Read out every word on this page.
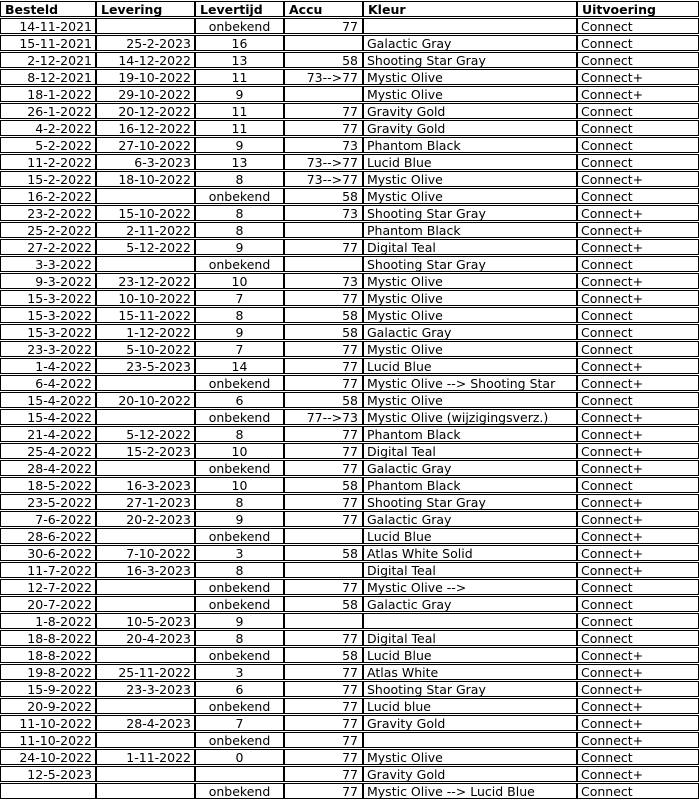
Besteld	Levering	Levertijd	Accu	Kleur	Uitvoering
14-11-2021		onbekend	77		Connect
15-11-2021	25-2-2023	16		Galactic Gray	Connect
2-12-2021	14-12-2022	13	58	Shooting Star Gray	Connect
8-12-2021	19-10-2022	11	73-->77	Mystic Olive	Connect+
18-1-2022	29-10-2022	9		Mystic Olive	Connect+
26-1-2022	20-12-2022	11	77	Gravity Gold	Connect
4-2-2022	16-12-2022	11	77	Gravity Gold	Connect
5-2-2022	27-10-2022	9	73	Phantom Black	Connect
11-2-2022	6-3-2023	13	73-->77	Lucid Blue	Connect
15-2-2022	18-10-2022	8	73-->77	Mystic Olive	Connect+
16-2-2022		onbekend	58	Mystic Olive	Connect
23-2-2022	15-10-2022	8	73	Shooting Star Gray	Connect+
25-2-2022	2-11-2022	8		Phantom Black	Connect+
27-2-2022	5-12-2022	9	77	Digital Teal	Connect+
3-3-2022		onbekend		Shooting Star Gray	Connect
9-3-2022	23-12-2022	10	73	Mystic Olive	Connect+
15-3-2022	10-10-2022	7	77	Mystic Olive	Connect+
15-3-2022	15-11-2022	8	58	Mystic Olive	Connect
15-3-2022	1-12-2022	9	58	Galactic Gray	Connect
23-3-2022	5-10-2022	7	77	Mystic Olive	Connect
1-4-2022	23-5-2023	14	77	Lucid Blue	Connect+
6-4-2022		onbekend	77	Mystic Olive --> Shooting Star	Connect+
15-4-2022	20-10-2022	6	58	Mystic Olive	Connect
15-4-2022		onbekend	77-->73	Mystic Olive (wijzigingsverz.)	Connect+
21-4-2022	5-12-2022	8	77	Phantom Black	Connect+
25-4-2022	15-2-2023	10	77	Digital Teal	Connect+
28-4-2022		onbekend	77	Galactic Gray	Connect+
18-5-2022	16-3-2023	10	58	Phantom Black	Connect
23-5-2022	27-1-2023	8	77	Shooting Star Gray	Connect+
7-6-2022	20-2-2023	9	77	Galactic Gray	Connect+
28-6-2022		onbekend		Lucid Blue	Connect+
30-6-2022	7-10-2022	3	58	Atlas White Solid	Connect+
11-7-2022	16-3-2023	8		Digital Teal	Connect+
12-7-2022		onbekend	77	Mystic Olive -->	Connect
20-7-2022		onbekend	58	Galactic Gray	Connect
1-8-2022	10-5-2023	9			Connect
18-8-2022	20-4-2023	8	77	Digital Teal	Connect
18-8-2022		onbekend	58	Lucid Blue	Connect+
19-8-2022	25-11-2022	3	77	Atlas White	Connect+
15-9-2022	23-3-2023	6	77	Shooting Star Gray	Connect+
20-9-2022		onbekend	77	Lucid blue	Connect+
11-10-2022	28-4-2023	7	77	Gravity Gold	Connect+
11-10-2022		onbekend	77		Connect+
24-10-2022	1-11-2022	0	77	Mystic Olive	Connect
12-5-2023			77	Gravity Gold	Connect+
		onbekend	77	Mystic Olive --> Lucid Blue	Connect
